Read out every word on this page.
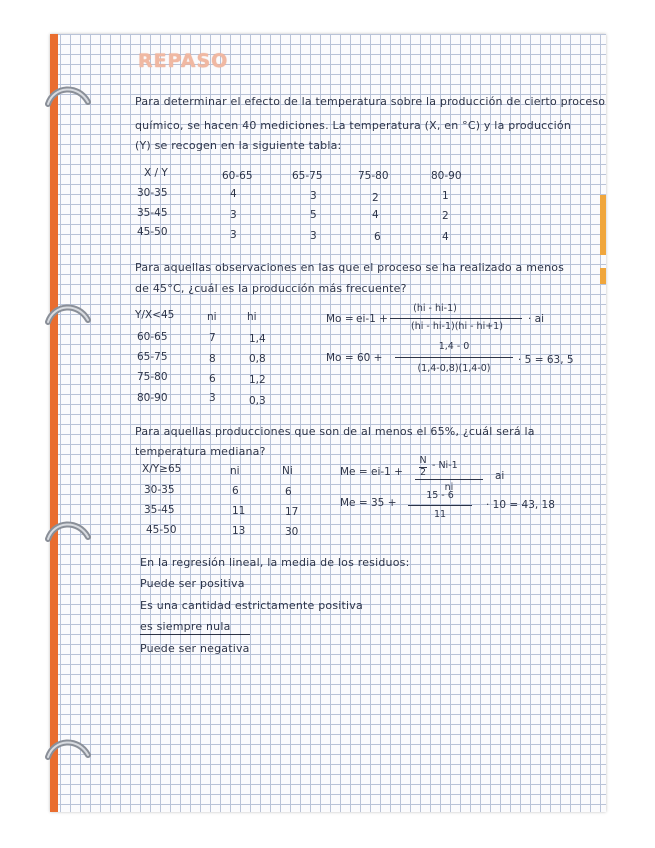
REPASO
Para determinar el efecto de la temperatura sobre la producción de cierto proceso
químico, se hacen 40 mediciones. La temperatura (X, en °C) y la producción
(Y) se recogen en la siguiente tabla:
X / Y	60-65	65-75	75-80	80-90
30-35	4	3	2	1
35-45	3	5	4	2
45-50	3	3	6	4
Para aquellas observaciones en las que el proceso se ha realizado a menos
de 45°C, ¿cuál es la producción más frecuente?
Y/X<45	ni	hi
60-65	7	1,4
65-75	8	0,8
75-80	6	1,2
80-90	3	0,3
Mo = ei-1 +
(hi - hi-1)
(hi - hi-1)(hi - hi+1)
· ai
Mo = 60 +
1,4 - 0
(1,4-0,8)(1,4-0)
· 5 = 63, 5
Para aquellas producciones que son de al menos el 65%, ¿cuál será la
temperatura mediana?
X/Y≥65	ni	Ni
30-35	6	6
35-45	11	17
45-50	13	30
Me = ei-1 +
N
2
- Ni-1
ni
ai
Me = 35 +
15 - 6
11
· 10 = 43, 18
En la regresión lineal, la media de los residuos:
Puede ser positiva
Es una cantidad estrictamente positiva
es siempre nula
Puede ser negativa
